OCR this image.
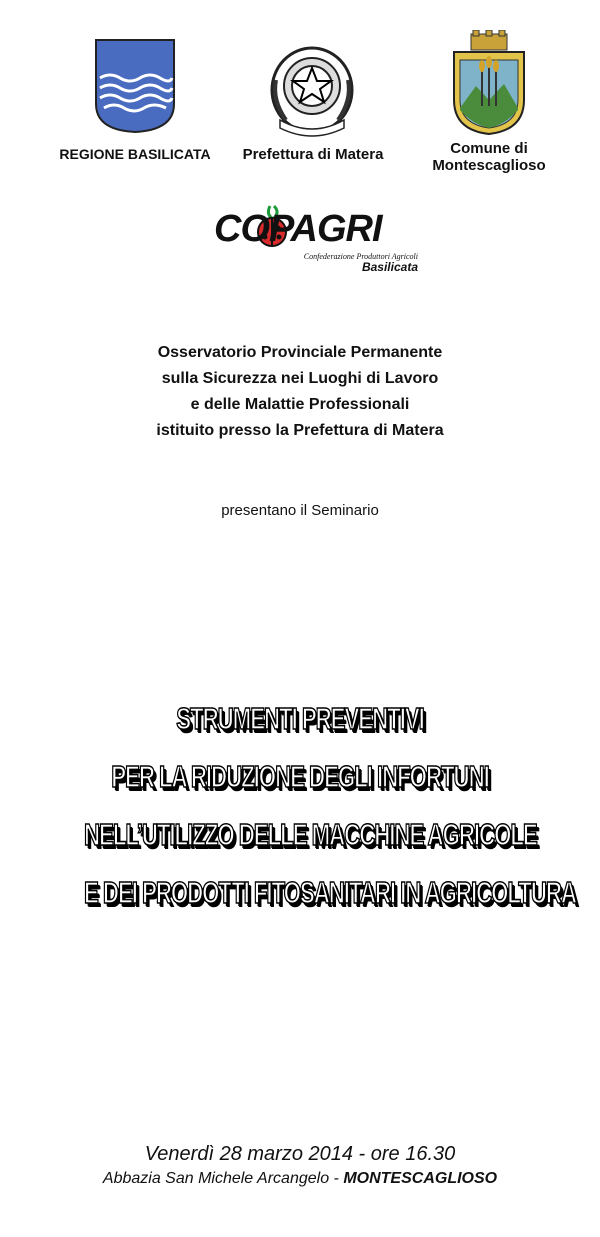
REGIONE BASILICATA	Prefettura di Matera	Comune di
Montescaglioso
COPAGRI
Confederazione Produttori Agricoli
Basilicata
Osservatorio Provinciale Permanente
sulla Sicurezza nei Luoghi di Lavoro
e delle Malattie Professionali
istituito presso la Prefettura di Matera
presentano il Seminario
STRUMENTI PREVENTIVI
PER LA RIDUZIONE DEGLI INFORTUNI
NELL’UTILIZZO DELLE MACCHINE AGRICOLE
E DEI PRODOTTI FITOSANITARI IN AGRICOLTURA
Venerdì 28 marzo 2014 - ore 16.30
Abbazia San Michele Arcangelo - MONTESCAGLIOSO
